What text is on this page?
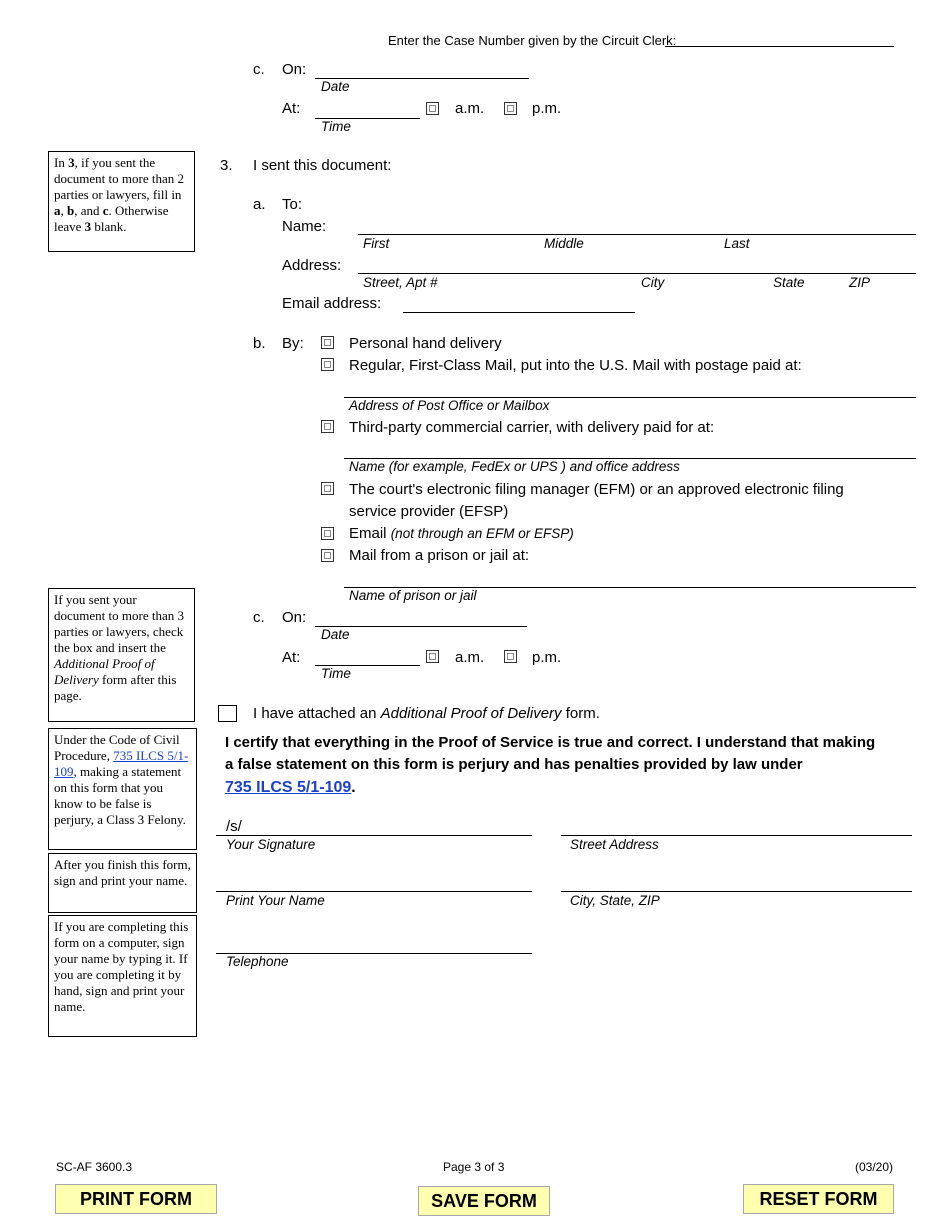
Enter the Case Number given by the Circuit Clerk:
c. On:
Date
At:
Time
a.m.	p.m.
In 3, if you sent the document to more than 2 parties or lawyers, fill in a, b, and c. Otherwise leave 3 blank.
3. I sent this document:
a. To:
Name:
First	Middle	Last
Address:
Street, Apt #	City	State	ZIP
Email address:
b. By:	Personal hand delivery
Regular, First-Class Mail, put into the U.S. Mail with postage paid at:
Address of Post Office or Mailbox
Third-party commercial carrier, with delivery paid for at:
Name (for example, FedEx or UPS ) and office address
The court's electronic filing manager (EFM) or an approved electronic filing
service provider (EFSP)
Email (not through an EFM or EFSP)
Mail from a prison or jail at:
Name of prison or jail
If you sent your document to more than 3 parties or lawyers, check the box and insert the Additional Proof of Delivery form after this page.
c. On:
Date
At:
Time
a.m.	p.m.
I have attached an Additional Proof of Delivery form.
Under the Code of Civil Procedure, 735 ILCS 5/1-109, making a statement on this form that you know to be false is perjury, a Class 3 Felony.
I certify that everything in the Proof of Service is true and correct. I understand that making
a false statement on this form is perjury and has penalties provided by law under
735 ILCS 5/1-109.
After you finish this form, sign and print your name.
If you are completing this form on a computer, sign your name by typing it. If you are completing it by hand, sign and print your name.
/s/
Your Signature	Street Address
Print Your Name	City, State, ZIP
Telephone
SC-AF 3600.3	Page 3 of 3	(03/20)
PRINT FORM	SAVE FORM	RESET FORM
